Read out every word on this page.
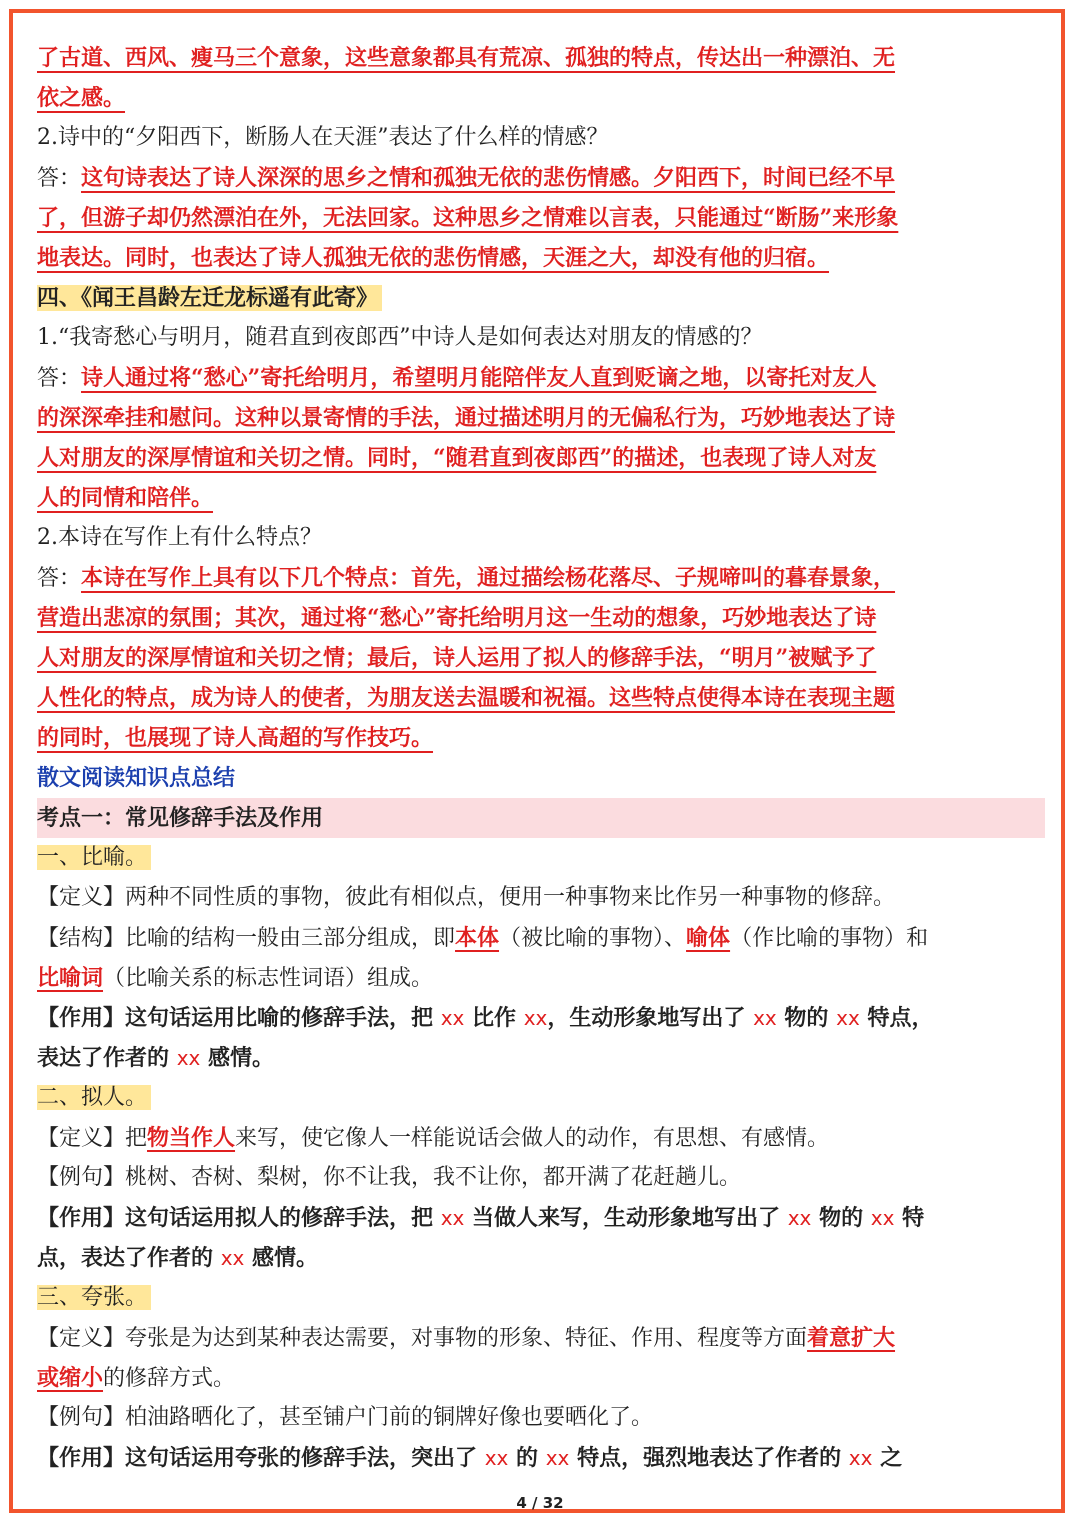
了古道、西风、瘦马三个意象，这些意象都具有荒凉、孤独的特点，传达出一种漂泊、无
依之感。
2.诗中的“夕阳西下，断肠人在天涯”表达了什么样的情感？
答：这句诗表达了诗人深深的思乡之情和孤独无依的悲伤情感。夕阳西下，时间已经不早
了，但游子却仍然漂泊在外，无法回家。这种思乡之情难以言表，只能通过“断肠”来形象
地表达。同时，也表达了诗人孤独无依的悲伤情感，天涯之大，却没有他的归宿。
四、《闻王昌龄左迁龙标遥有此寄》
1.“我寄愁心与明月，随君直到夜郎西”中诗人是如何表达对朋友的情感的？
答：诗人通过将“愁心”寄托给明月，希望明月能陪伴友人直到贬谪之地，以寄托对友人
的深深牵挂和慰问。这种以景寄情的手法，通过描述明月的无偏私行为，巧妙地表达了诗
人对朋友的深厚情谊和关切之情。同时，“随君直到夜郎西”的描述，也表现了诗人对友
人的同情和陪伴。
2.本诗在写作上有什么特点？
答：本诗在写作上具有以下几个特点：首先，通过描绘杨花落尽、子规啼叫的暮春景象，
营造出悲凉的氛围；其次，通过将“愁心”寄托给明月这一生动的想象，巧妙地表达了诗
人对朋友的深厚情谊和关切之情；最后，诗人运用了拟人的修辞手法，“明月”被赋予了
人性化的特点，成为诗人的使者，为朋友送去温暖和祝福。这些特点使得本诗在表现主题
的同时，也展现了诗人高超的写作技巧。
散文阅读知识点总结
考点一：常见修辞手法及作用
一、比喻。
【定义】两种不同性质的事物，彼此有相似点，便用一种事物来比作另一种事物的修辞。
【结构】比喻的结构一般由三部分组成，即本体（被比喻的事物）、喻体（作比喻的事物）和
比喻词（比喻关系的标志性词语）组成。
【作用】这句话运用比喻的修辞手法，把 xx 比作 xx，生动形象地写出了 xx 物的 xx 特点，
表达了作者的 xx 感情。
二、拟人。
【定义】把物当作人来写，使它像人一样能说话会做人的动作，有思想、有感情。
【例句】桃树、杏树、梨树，你不让我，我不让你，都开满了花赶趟儿。
【作用】这句话运用拟人的修辞手法，把 xx 当做人来写，生动形象地写出了 xx 物的 xx 特
点，表达了作者的 xx 感情。
三、夸张。
【定义】夸张是为达到某种表达需要，对事物的形象、特征、作用、程度等方面着意扩大
或缩小的修辞方式。
【例句】柏油路晒化了，甚至铺户门前的铜牌好像也要晒化了。
【作用】这句话运用夸张的修辞手法，突出了 xx 的 xx 特点，强烈地表达了作者的 xx 之
4 / 32
